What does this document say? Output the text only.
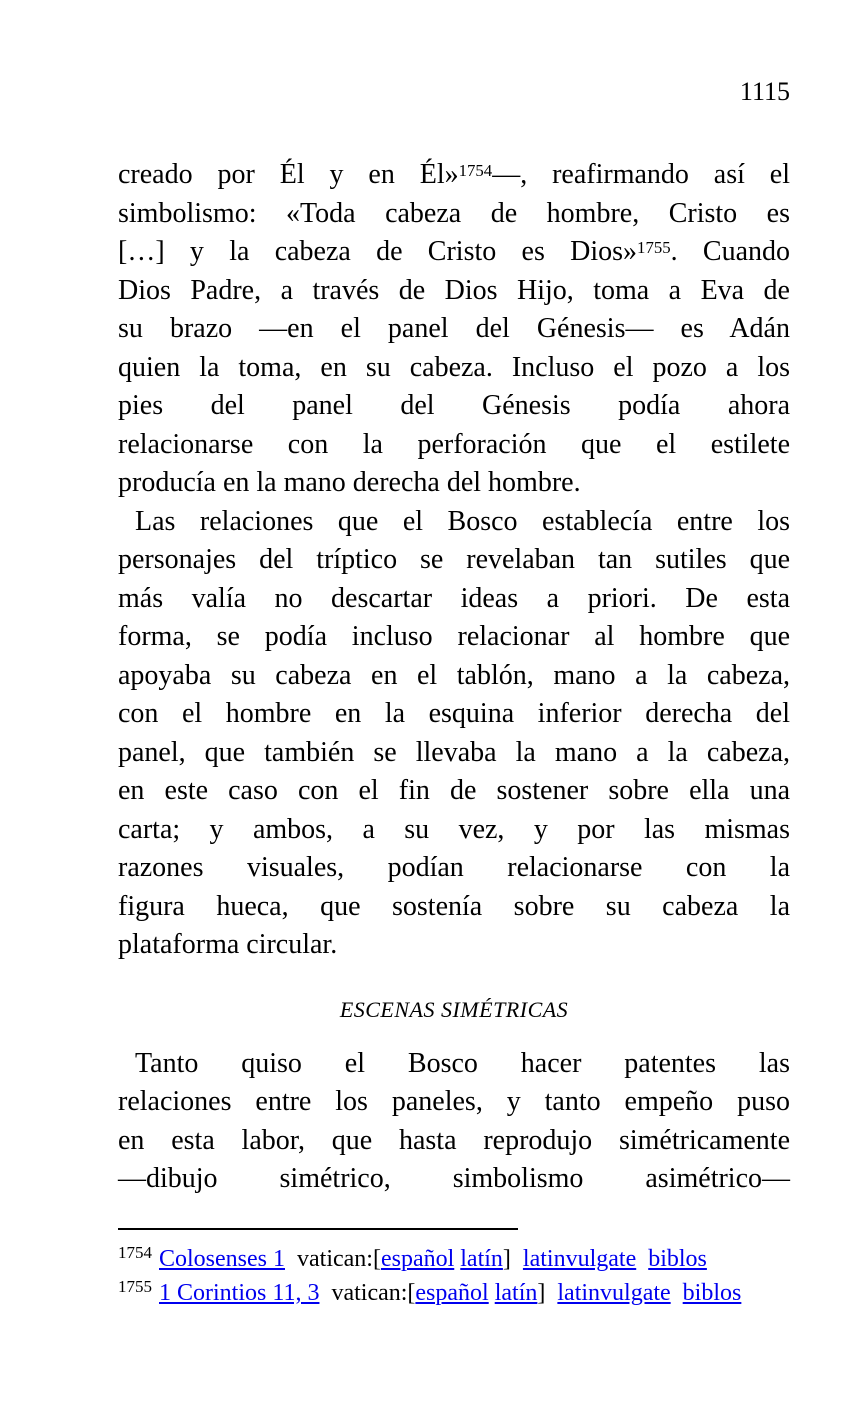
1115
creado por Él y en Él»$^{1754}$—, reafirmando así el
simbolismo: «Toda cabeza de hombre, Cristo es
[…] y la cabeza de Cristo es Dios»$^{1755}$. Cuando
Dios Padre, a través de Dios Hijo, toma a Eva de
su brazo —en el panel del Génesis— es Adán
quien la toma, en su cabeza. Incluso el pozo a los
pies del panel del Génesis podía ahora
relacionarse con la perforación que el estilete
producía en la mano derecha del hombre.
Las relaciones que el Bosco establecía entre los
personajes del tríptico se revelaban tan sutiles que
más valía no descartar ideas a priori. De esta
forma, se podía incluso relacionar al hombre que
apoyaba su cabeza en el tablón, mano a la cabeza,
con el hombre en la esquina inferior derecha del
panel, que también se llevaba la mano a la cabeza,
en este caso con el fin de sostener sobre ella una
carta; y ambos, a su vez, y por las mismas
razones visuales, podían relacionarse con la
figura hueca, que sostenía sobre su cabeza la
plataforma circular.
ESCENAS SIMÉTRICAS
Tanto quiso el Bosco hacer patentes las
relaciones entre los paneles, y tanto empeño puso
en esta labor, que hasta reprodujo simétricamente
—dibujo simétrico, simbolismo asimétrico—
$^{1754}$ Colosenses 1  vatican:[español latín]  latinvulgate biblos
$^{1755}$ 1 Corintios 11, 3  vatican:[español latín]  latinvulgate biblos
